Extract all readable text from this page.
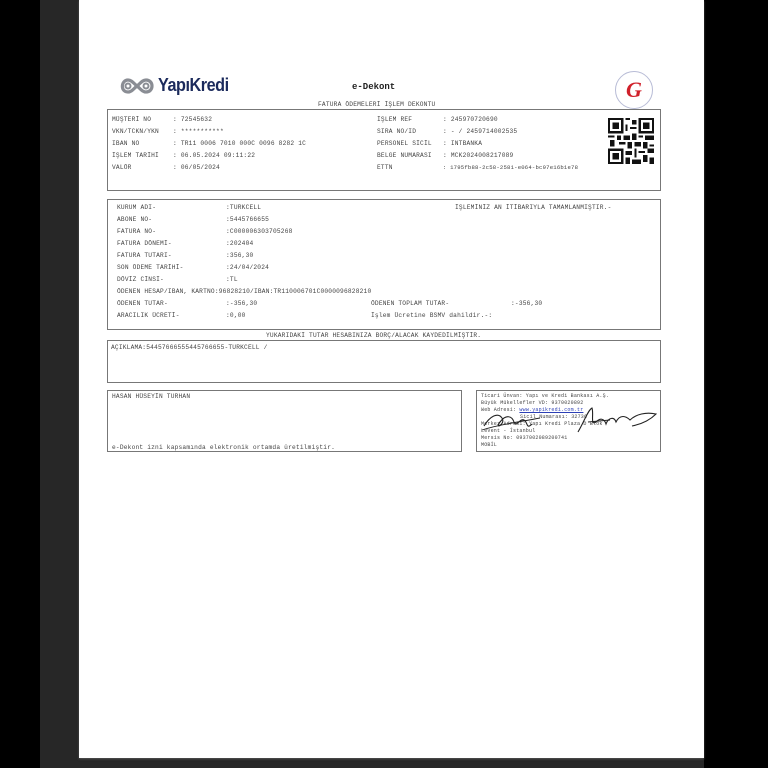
YapıKredi	e-Dekont	G
FATURA ÖDEMELERİ İŞLEM DEKONTU
MÜŞTERİ NO	: 72545632
VKN/TCKN/YKN : ***********
IBAN NO	: TR11 0006 7010 000C 0096 8282 1C
İŞLEM TARİHİ : 06.05.2024 09:11:22
VALÖR	: 06/05/2024
İŞLEM REF	: 245970720690
SIRA NO/ID	: - / 2459714002535
PERSONEL SİCİL : INTBANKA
BELGE NUMARASI : MCK2024008217089
ETTN	: 1795fb88-2c58-2581-e064-bc97e16b1e78
İŞLEMİNİZ AN İTİBARIYLA TAMAMLANMIŞTIR.-
KURUM ADI-	:TURKCELL
ABONE NO-	:5445766655
FATURA NO-	:C000006303705268
FATURA DÖNEMİ-	:202404
FATURA TUTARI-	:356,30
SON ÖDEME TARİHİ-	:24/04/2024
DÖVİZ CİNSİ-	:TL
ÖDENEN HESAP/IBAN, KARTNO:96828210/IBAN:TR110006701C0000096828210
ÖDENEN TUTAR-	:-356,30
ARACILIK ÜCRETİ-	:0,00
ÖDENEN TOPLAM TUTAR-	:-356,30
İşlem Ücretine BSMV dahildir.-:
YUKARIDAKİ TUTAR HESABINIZA BORÇ/ALACAK KAYDEDİLMİŞTİR.
AÇIKLAMA:54457666555445766655-TURKCELL /
HASAN HÜSEYİN TURHAN
e-Dekont izni kapsamında elektronik ortamda üretilmiştir.
Ticari Ünvan: Yapı ve Kredi Bankası A.Ş.
Büyük Mükellefler VD: 9370020892
Web Adresi: www.yapikredi.com.tr
Sicil Numarası: 32736
Merkez Adresi: Yapı Kredi Plaza D Blok
Levent - İstanbul
Mersis No: 0937002089200741
MOBİL
